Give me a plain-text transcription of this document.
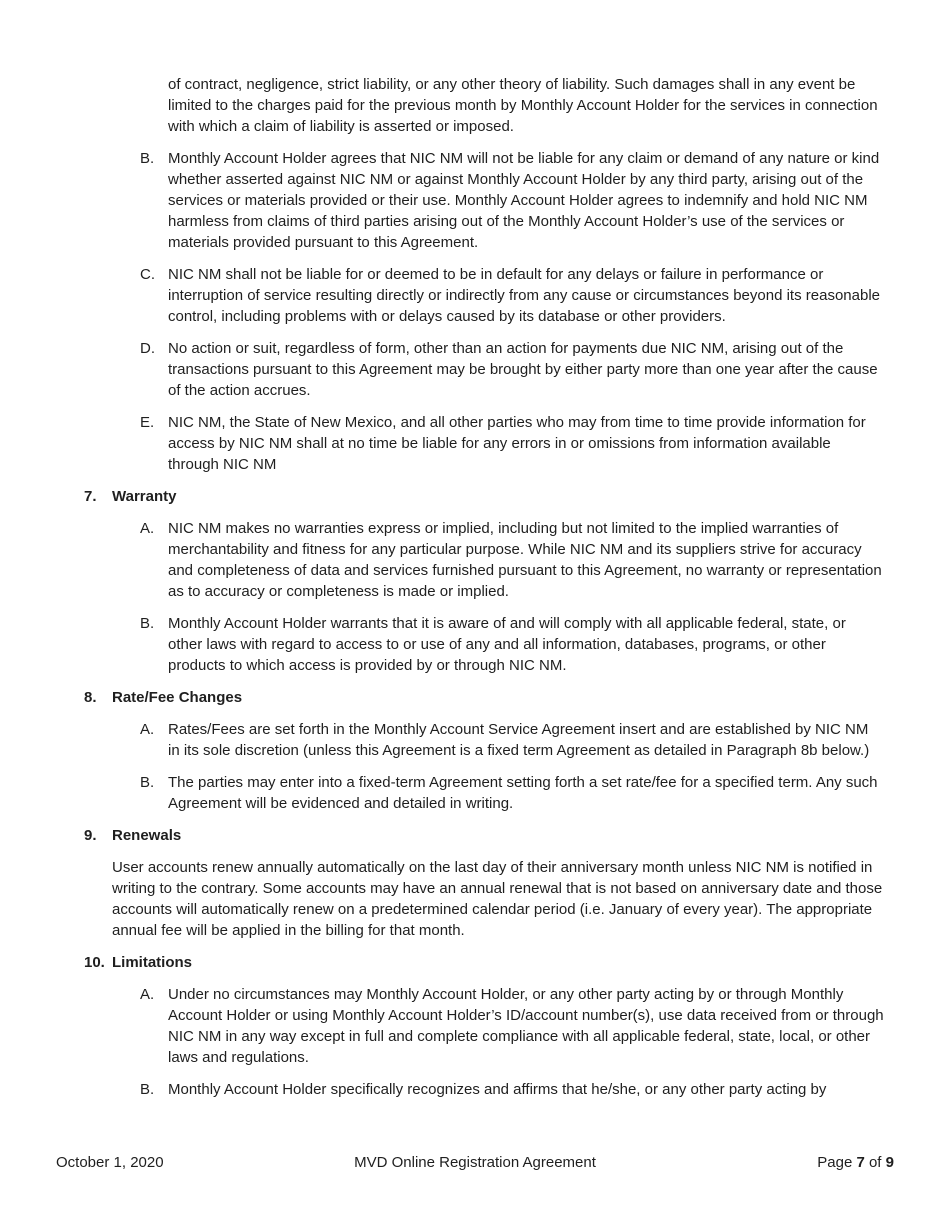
of contract, negligence, strict liability, or any other theory of liability. Such damages shall in any event be limited to the charges paid for the previous month by Monthly Account Holder for the services in connection with which a claim of liability is asserted or imposed.

B. Monthly Account Holder agrees that NIC NM will not be liable for any claim or demand of any nature or kind whether asserted against NIC NM or against Monthly Account Holder by any third party, arising out of the services or materials provided or their use. Monthly Account Holder agrees to indemnify and hold NIC NM harmless from claims of third parties arising out of the Monthly Account Holder’s use of the services or materials provided pursuant to this Agreement.

C. NIC NM shall not be liable for or deemed to be in default for any delays or failure in performance or interruption of service resulting directly or indirectly from any cause or circumstances beyond its reasonable control, including problems with or delays caused by its database or other providers.

D. No action or suit, regardless of form, other than an action for payments due NIC NM, arising out of the transactions pursuant to this Agreement may be brought by either party more than one year after the cause of the action accrues.

E. NIC NM, the State of New Mexico, and all other parties who may from time to time provide information for access by NIC NM shall at no time be liable for any errors in or omissions from information available through NIC NM

7. Warranty
A. NIC NM makes no warranties express or implied, including but not limited to the implied warranties of merchantability and fitness for any particular purpose. While NIC NM and its suppliers strive for accuracy and completeness of data and services furnished pursuant to this Agreement, no warranty or representation as to accuracy or completeness is made or implied.

B. Monthly Account Holder warrants that it is aware of and will comply with all applicable federal, state, or other laws with regard to access to or use of any and all information, databases, programs, or other products to which access is provided by or through NIC NM.

8. Rate/Fee Changes
A. Rates/Fees are set forth in the Monthly Account Service Agreement insert and are established by NIC NM in its sole discretion (unless this Agreement is a fixed term Agreement as detailed in Paragraph 8b below.)

B. The parties may enter into a fixed-term Agreement setting forth a set rate/fee for a specified term. Any such Agreement will be evidenced and detailed in writing.

9. Renewals

User accounts renew annually automatically on the last day of their anniversary month unless NIC NM is notified in writing to the contrary. Some accounts may have an annual renewal that is not based on anniversary date and those accounts will automatically renew on a predetermined calendar period (i.e. January of every year). The appropriate annual fee will be applied in the billing for that month.

10. Limitations
A. Under no circumstances may Monthly Account Holder, or any other party acting by or through Monthly Account Holder or using Monthly Account Holder’s ID/account number(s), use data received from or through NIC NM in any way except in full and complete compliance with all applicable federal, state, local, or other laws and regulations.

B. Monthly Account Holder specifically recognizes and affirms that he/she, or any other party acting by

October 1, 2020	MVD Online Registration Agreement	Page 7 of 9
